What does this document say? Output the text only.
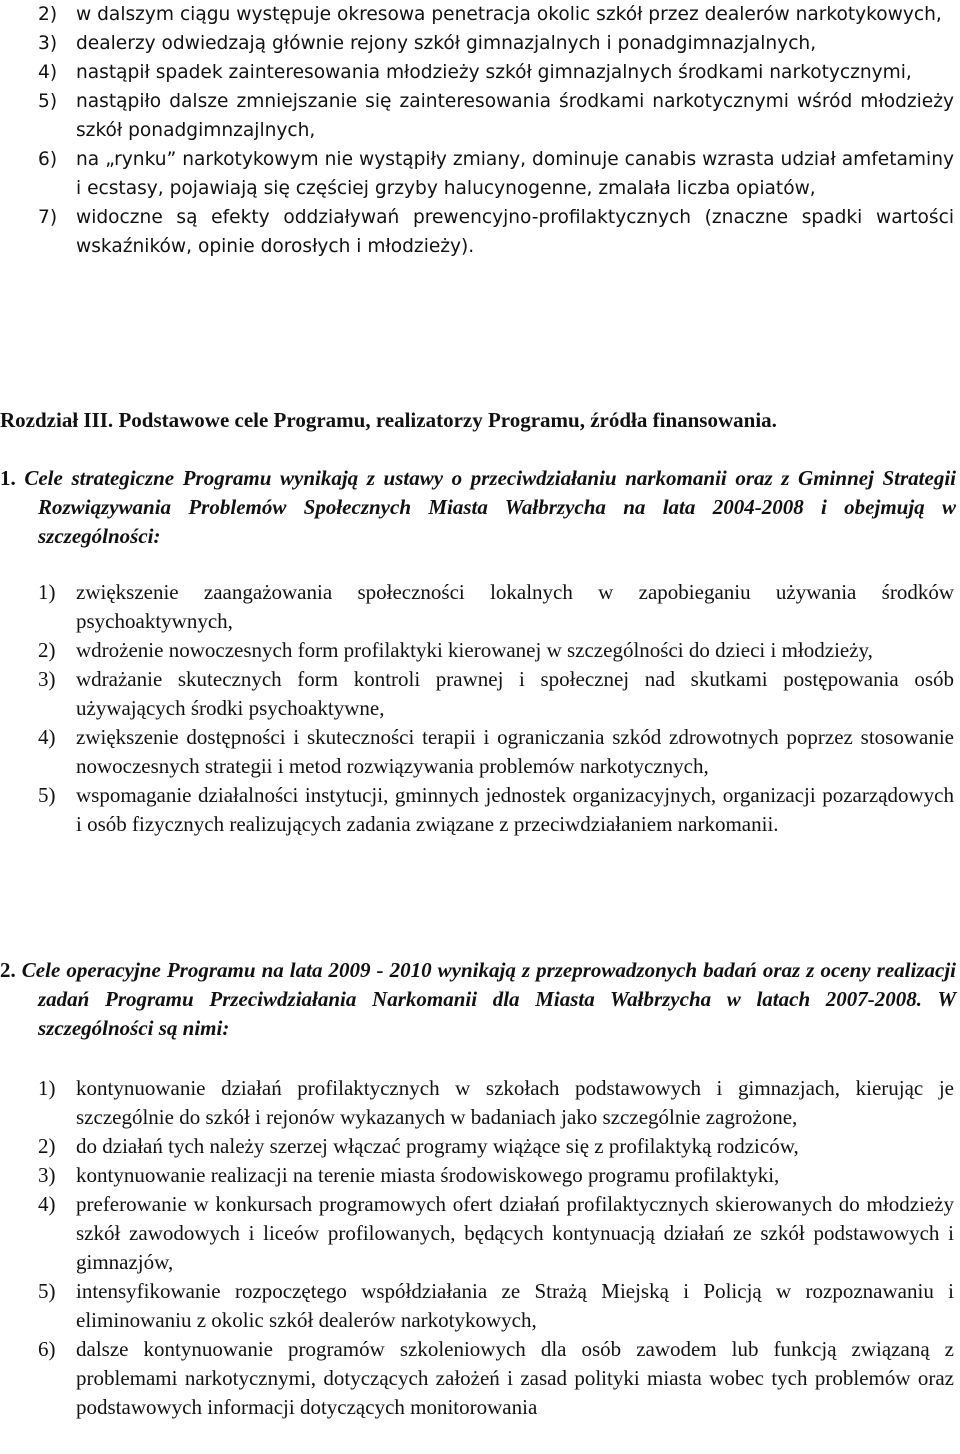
2) w dalszym ciągu występuje okresowa penetracja okolic szkół przez dealerów narkotykowych,
3) dealerzy odwiedzają głównie rejony szkół gimnazjalnych i ponadgimnazjalnych,
4) nastąpił spadek zainteresowania młodzieży szkół gimnazjalnych środkami narkotycznymi,
5) nastąpiło dalsze zmniejszanie się zainteresowania środkami narkotycznymi wśród młodzieży szkół ponadgimnzajlnych,
6) na „rynku” narkotykowym nie wystąpiły zmiany, dominuje canabis wzrasta udział amfetaminy i ecstasy, pojawiają się częściej grzyby halucynogenne, zmalała liczba opiatów,
7) widoczne są efekty oddziaływań prewencyjno-profilaktycznych (znaczne spadki wartości wskaźników, opinie dorosłych i młodzieży).
Rozdział III. Podstawowe cele Programu, realizatorzy Programu, źródła finansowania.
1. Cele strategiczne Programu wynikają z ustawy o przeciwdziałaniu narkomanii oraz z Gminnej Strategii Rozwiązywania Problemów Społecznych Miasta Wałbrzycha na lata 2004-2008 i obejmują w szczególności:
1) zwiększenie zaangażowania społeczności lokalnych w zapobieganiu używania środków psychoaktywnych,
2) wdrożenie nowoczesnych form profilaktyki kierowanej w szczególności do dzieci i młodzieży,
3) wdrażanie skutecznych form kontroli prawnej i społecznej nad skutkami postępowania osób używających środki psychoaktywne,
4) zwiększenie dostępności i skuteczności terapii i ograniczania szkód zdrowotnych poprzez stosowanie nowoczesnych strategii i metod rozwiązywania problemów narkotycznych,
5) wspomaganie działalności instytucji, gminnych jednostek organizacyjnych, organizacji pozarządowych i osób fizycznych realizujących zadania związane z przeciwdziałaniem narkomanii.
2. Cele operacyjne Programu na lata 2009 - 2010 wynikają z przeprowadzonych badań oraz z oceny realizacji zadań Programu Przeciwdziałania Narkomanii dla Miasta Wałbrzycha w latach 2007-2008. W szczególności są nimi:
1) kontynuowanie działań profilaktycznych w szkołach podstawowych i gimnazjach, kierując je szczególnie do szkół i rejonów wykazanych w badaniach jako szczególnie zagrożone,
2) do działań tych należy szerzej włączać programy wiążące się z profilaktyką rodziców,
3) kontynuowanie realizacji na terenie miasta środowiskowego programu profilaktyki,
4) preferowanie w konkursach programowych ofert działań profilaktycznych skierowanych do młodzieży szkół zawodowych i liceów profilowanych, będących kontynuacją działań ze szkół podstawowych i gimnazjów,
5) intensyfikowanie rozpoczętego współdziałania ze Strażą Miejską i Policją w rozpoznawaniu i eliminowaniu z okolic szkół dealerów narkotykowych,
6) dalsze kontynuowanie programów szkoleniowych dla osób zawodem lub funkcją związaną z problemami narkotycznymi, dotyczących założeń i zasad polityki miasta wobec tych problemów oraz podstawowych informacji dotyczących monitorowania
